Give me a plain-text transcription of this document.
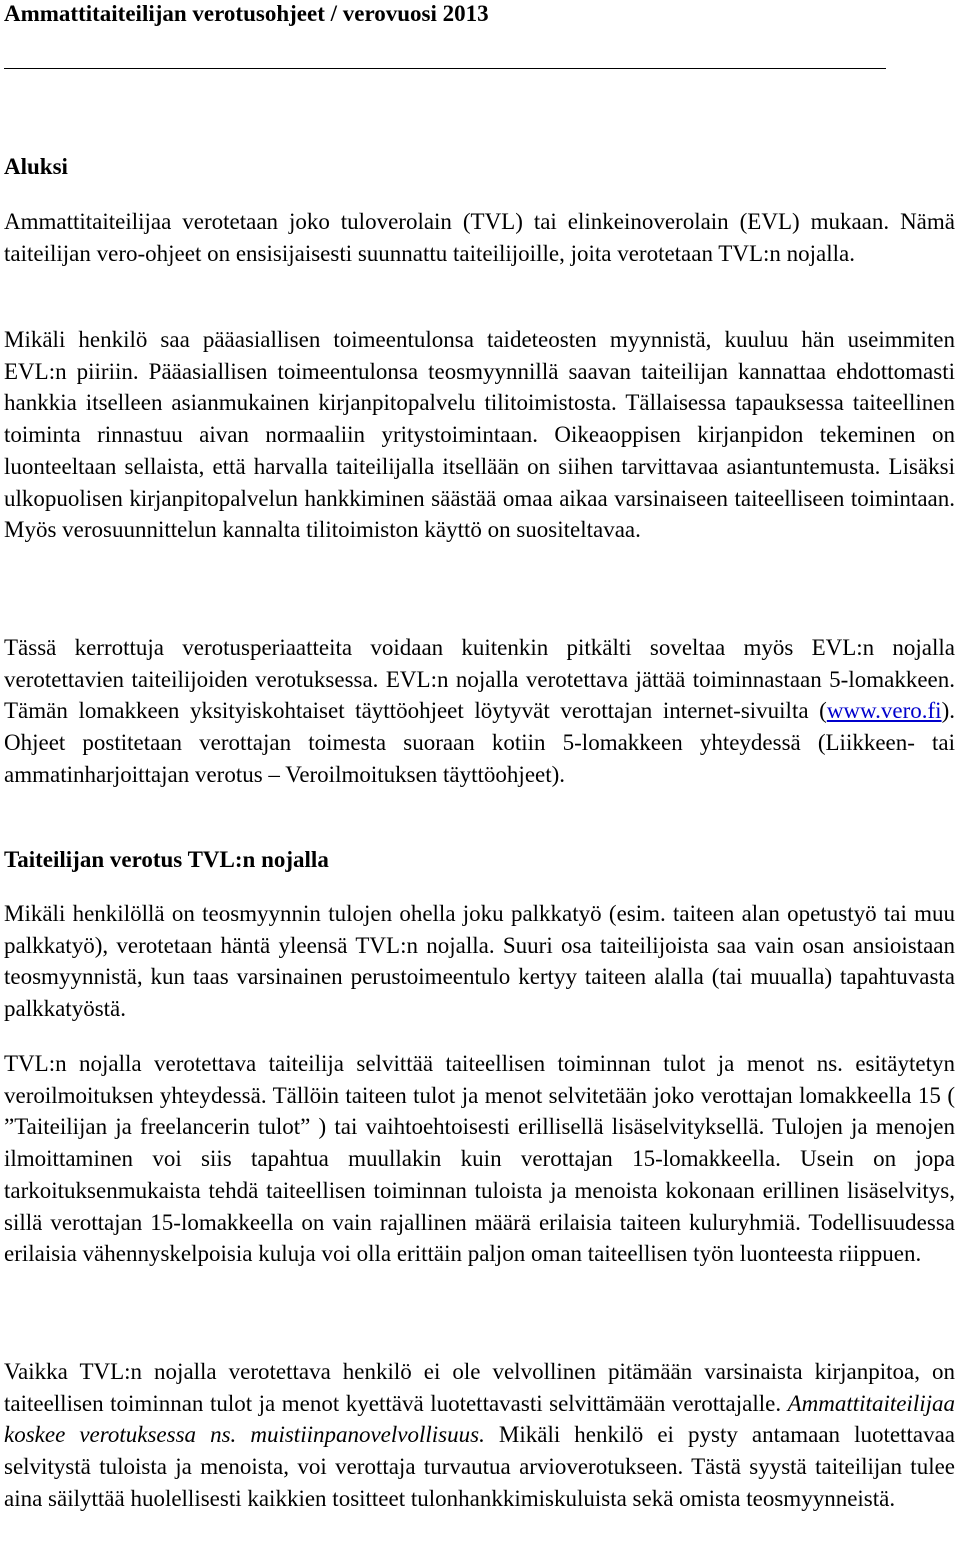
Ammattitaiteilijan verotusohjeet / verovuosi 2013
Aluksi

Ammattitaiteilijaa verotetaan joko tuloverolain (TVL) tai elinkeinoverolain (EVL) mukaan. Nämä taiteilijan vero-ohjeet on ensisijaisesti suunnattu taiteilijoille, joita verotetaan TVL:n nojalla.

Mikäli henkilö saa pääasiallisen toimeentulonsa taideteosten myynnistä, kuuluu hän useimmiten EVL:n piiriin. Pääasiallisen toimeentulonsa teosmyynnillä saavan taiteilijan kannattaa ehdottomasti hankkia itselleen asianmukainen kirjanpitopalvelu tilitoimistosta. Tällaisessa tapauksessa taiteellinen toiminta rinnastuu aivan normaaliin yritystoimintaan. Oikeaoppisen kirjanpidon tekeminen on luonteeltaan sellaista, että harvalla taiteilijalla itsellään on siihen tarvittavaa asiantuntemusta. Lisäksi ulkopuolisen kirjanpitopalvelun hankkiminen säästää omaa aikaa varsinaiseen taiteelliseen toimintaan. Myös verosuunnittelun kannalta tilitoimiston käyttö on suositeltavaa.

Tässä kerrottuja verotusperiaatteita voidaan kuitenkin pitkälti soveltaa myös EVL:n nojalla verotettavien taiteilijoiden verotuksessa. EVL:n nojalla verotettava jättää toiminnastaan 5-lomakkeen. Tämän lomakkeen yksityiskohtaiset täyttöohjeet löytyvät verottajan internet-sivuilta (www.vero.fi). Ohjeet postitetaan verottajan toimesta suoraan kotiin 5-lomakkeen yhteydessä (Liikkeen- tai ammatinharjoittajan verotus – Veroilmoituksen täyttöohjeet).

Taiteilijan verotus TVL:n nojalla

Mikäli henkilöllä on teosmyynnin tulojen ohella joku palkkatyö (esim. taiteen alan opetustyö tai muu palkkatyö), verotetaan häntä yleensä TVL:n nojalla. Suuri osa taiteilijoista saa vain osan ansioistaan teosmyynnistä, kun taas varsinainen perustoimeentulo kertyy taiteen alalla (tai muualla) tapahtuvasta palkkatyöstä.

TVL:n nojalla verotettava taiteilija selvittää taiteellisen toiminnan tulot ja menot ns. esitäytetyn veroilmoituksen yhteydessä. Tällöin taiteen tulot ja menot selvitetään joko verottajan lomakkeella 15 ( ”Taiteilijan ja freelancerin tulot” ) tai vaihtoehtoisesti erillisellä lisäselvityksellä. Tulojen ja menojen ilmoittaminen voi siis tapahtua muullakin kuin verottajan 15-lomakkeella. Usein on jopa tarkoituksenmukaista tehdä taiteellisen toiminnan tuloista ja menoista kokonaan erillinen lisäselvitys, sillä verottajan 15-lomakkeella on vain rajallinen määrä erilaisia taiteen kuluryhmiä. Todellisuudessa erilaisia vähennyskelpoisia kuluja voi olla erittäin paljon oman taiteellisen työn luonteesta riippuen.

Vaikka TVL:n nojalla verotettava henkilö ei ole velvollinen pitämään varsinaista kirjanpitoa, on taiteellisen toiminnan tulot ja menot kyettävä luotettavasti selvittämään verottajalle. Ammattitaiteilijaa koskee verotuksessa ns. muistiinpanovelvollisuus. Mikäli henkilö ei pysty antamaan luotettavaa selvitystä tuloista ja menoista, voi verottaja turvautua arvioverotukseen. Tästä syystä taiteilijan tulee aina säilyttää huolellisesti kaikkien tositteet tulonhankkimiskuluista sekä omista teosmyynneistä.
